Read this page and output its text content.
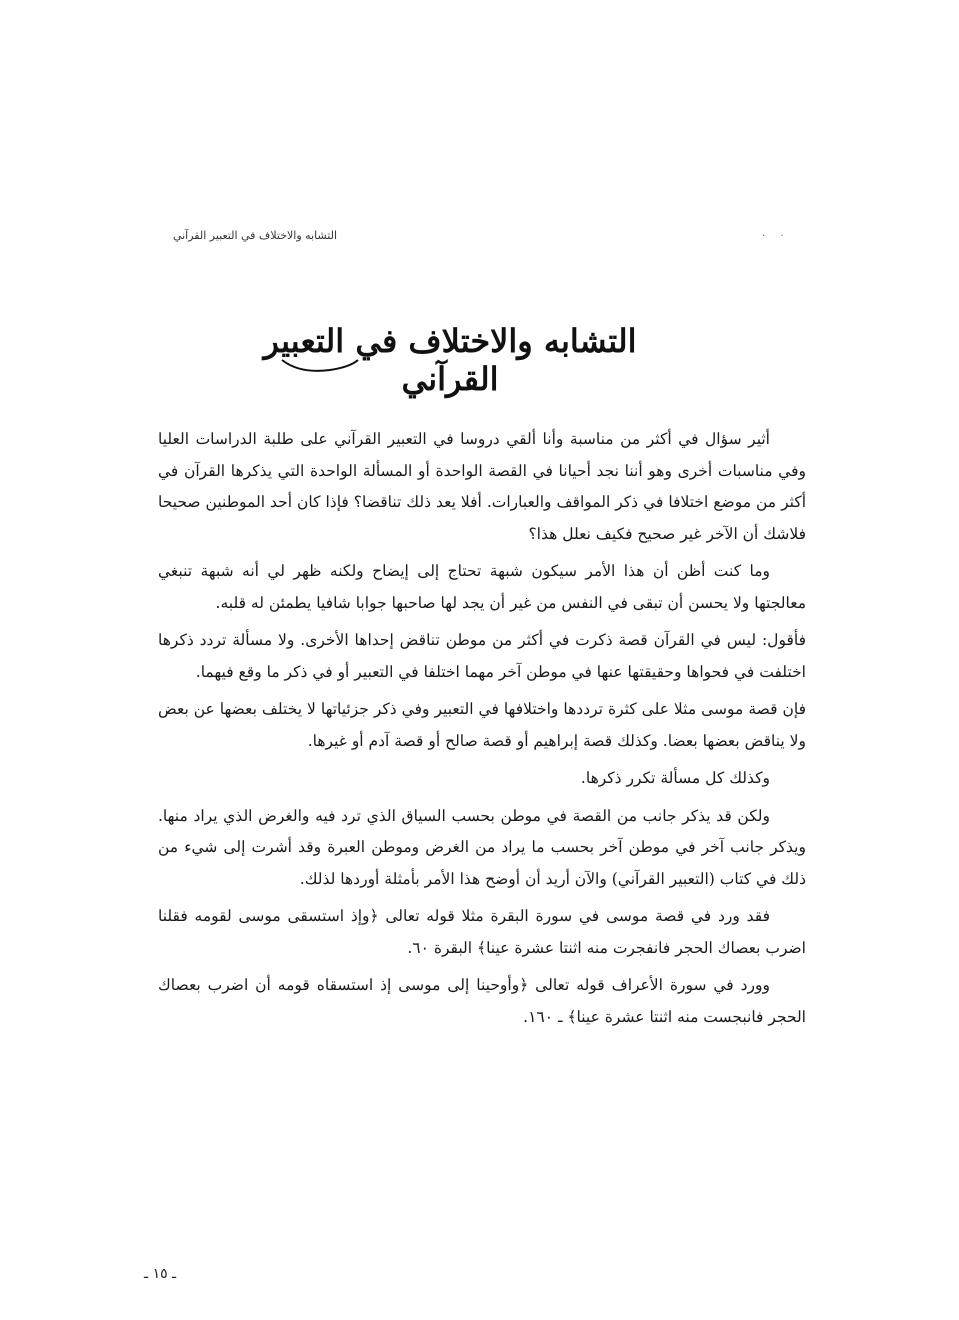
التشابه والاختلاف في التعبير القرآني	. .
التشابه والاختلاف في التعبير القرآني

أثير سؤال في أكثر من مناسبة وأنا ألقي دروسا في التعبير القرآني على طلبة الدراسات العليا وفي مناسبات أخرى وهو أننا نجد أحيانا في القصة الواحدة أو المسألة الواحدة التي يذكرها القرآن في أكثر من موضع اختلافا في ذكر المواقف والعبارات. أفلا يعد ذلك تناقضا؟ فإذا كان أحد الموطنين صحيحا فلاشك أن الآخر غير صحيح فكيف نعلل هذا؟

وما كنت أظن أن هذا الأمر سيكون شبهة تحتاج إلى إيضاح ولكنه ظهر لي أنه شبهة تنبغي معالجتها ولا يحسن أن تبقى في النفس من غير أن يجد لها صاحبها جوابا شافيا يطمئن له قلبه.

فأقول: ليس في القرآن قصة ذكرت في أكثر من موطن تناقض إحداها الأخرى. ولا مسألة تردد ذكرها اختلفت في فحواها وحقيقتها عنها في موطن آخر مهما اختلفا في التعبير أو في ذكر ما وقع فيهما.

فإن قصة موسى مثلا على كثرة ترددها واختلافها في التعبير وفي ذكر جزئياتها لا يختلف بعضها عن بعض ولا يناقض بعضها بعضا. وكذلك قصة إبراهيم أو قصة صالح أو قصة آدم أو غيرها.

وكذلك كل مسألة تكرر ذكرها.

ولكن قد يذكر جانب من القصة في موطن بحسب السياق الذي ترد فيه والغرض الذي يراد منها. ويذكر جانب آخر في موطن آخر بحسب ما يراد من الغرض وموطن العبرة وقد أشرت إلى شيء من ذلك في كتاب (التعبير القرآني) والآن أريد أن أوضح هذا الأمر بأمثلة أوردها لذلك.

فقد ورد في قصة موسى في سورة البقرة مثلا قوله تعالى ﴿وإذ استسقى موسى لقومه فقلنا اضرب بعصاك الحجر فانفجرت منه اثنتا عشرة عينا﴾ البقرة ٦٠.

وورد في سورة الأعراف قوله تعالى ﴿وأوحينا إلى موسى إذ استسقاه قومه أن اضرب بعصاك الحجر فانبجست منه اثنتا عشرة عينا﴾ ـ ١٦٠.

ـ ١٥ ـ
